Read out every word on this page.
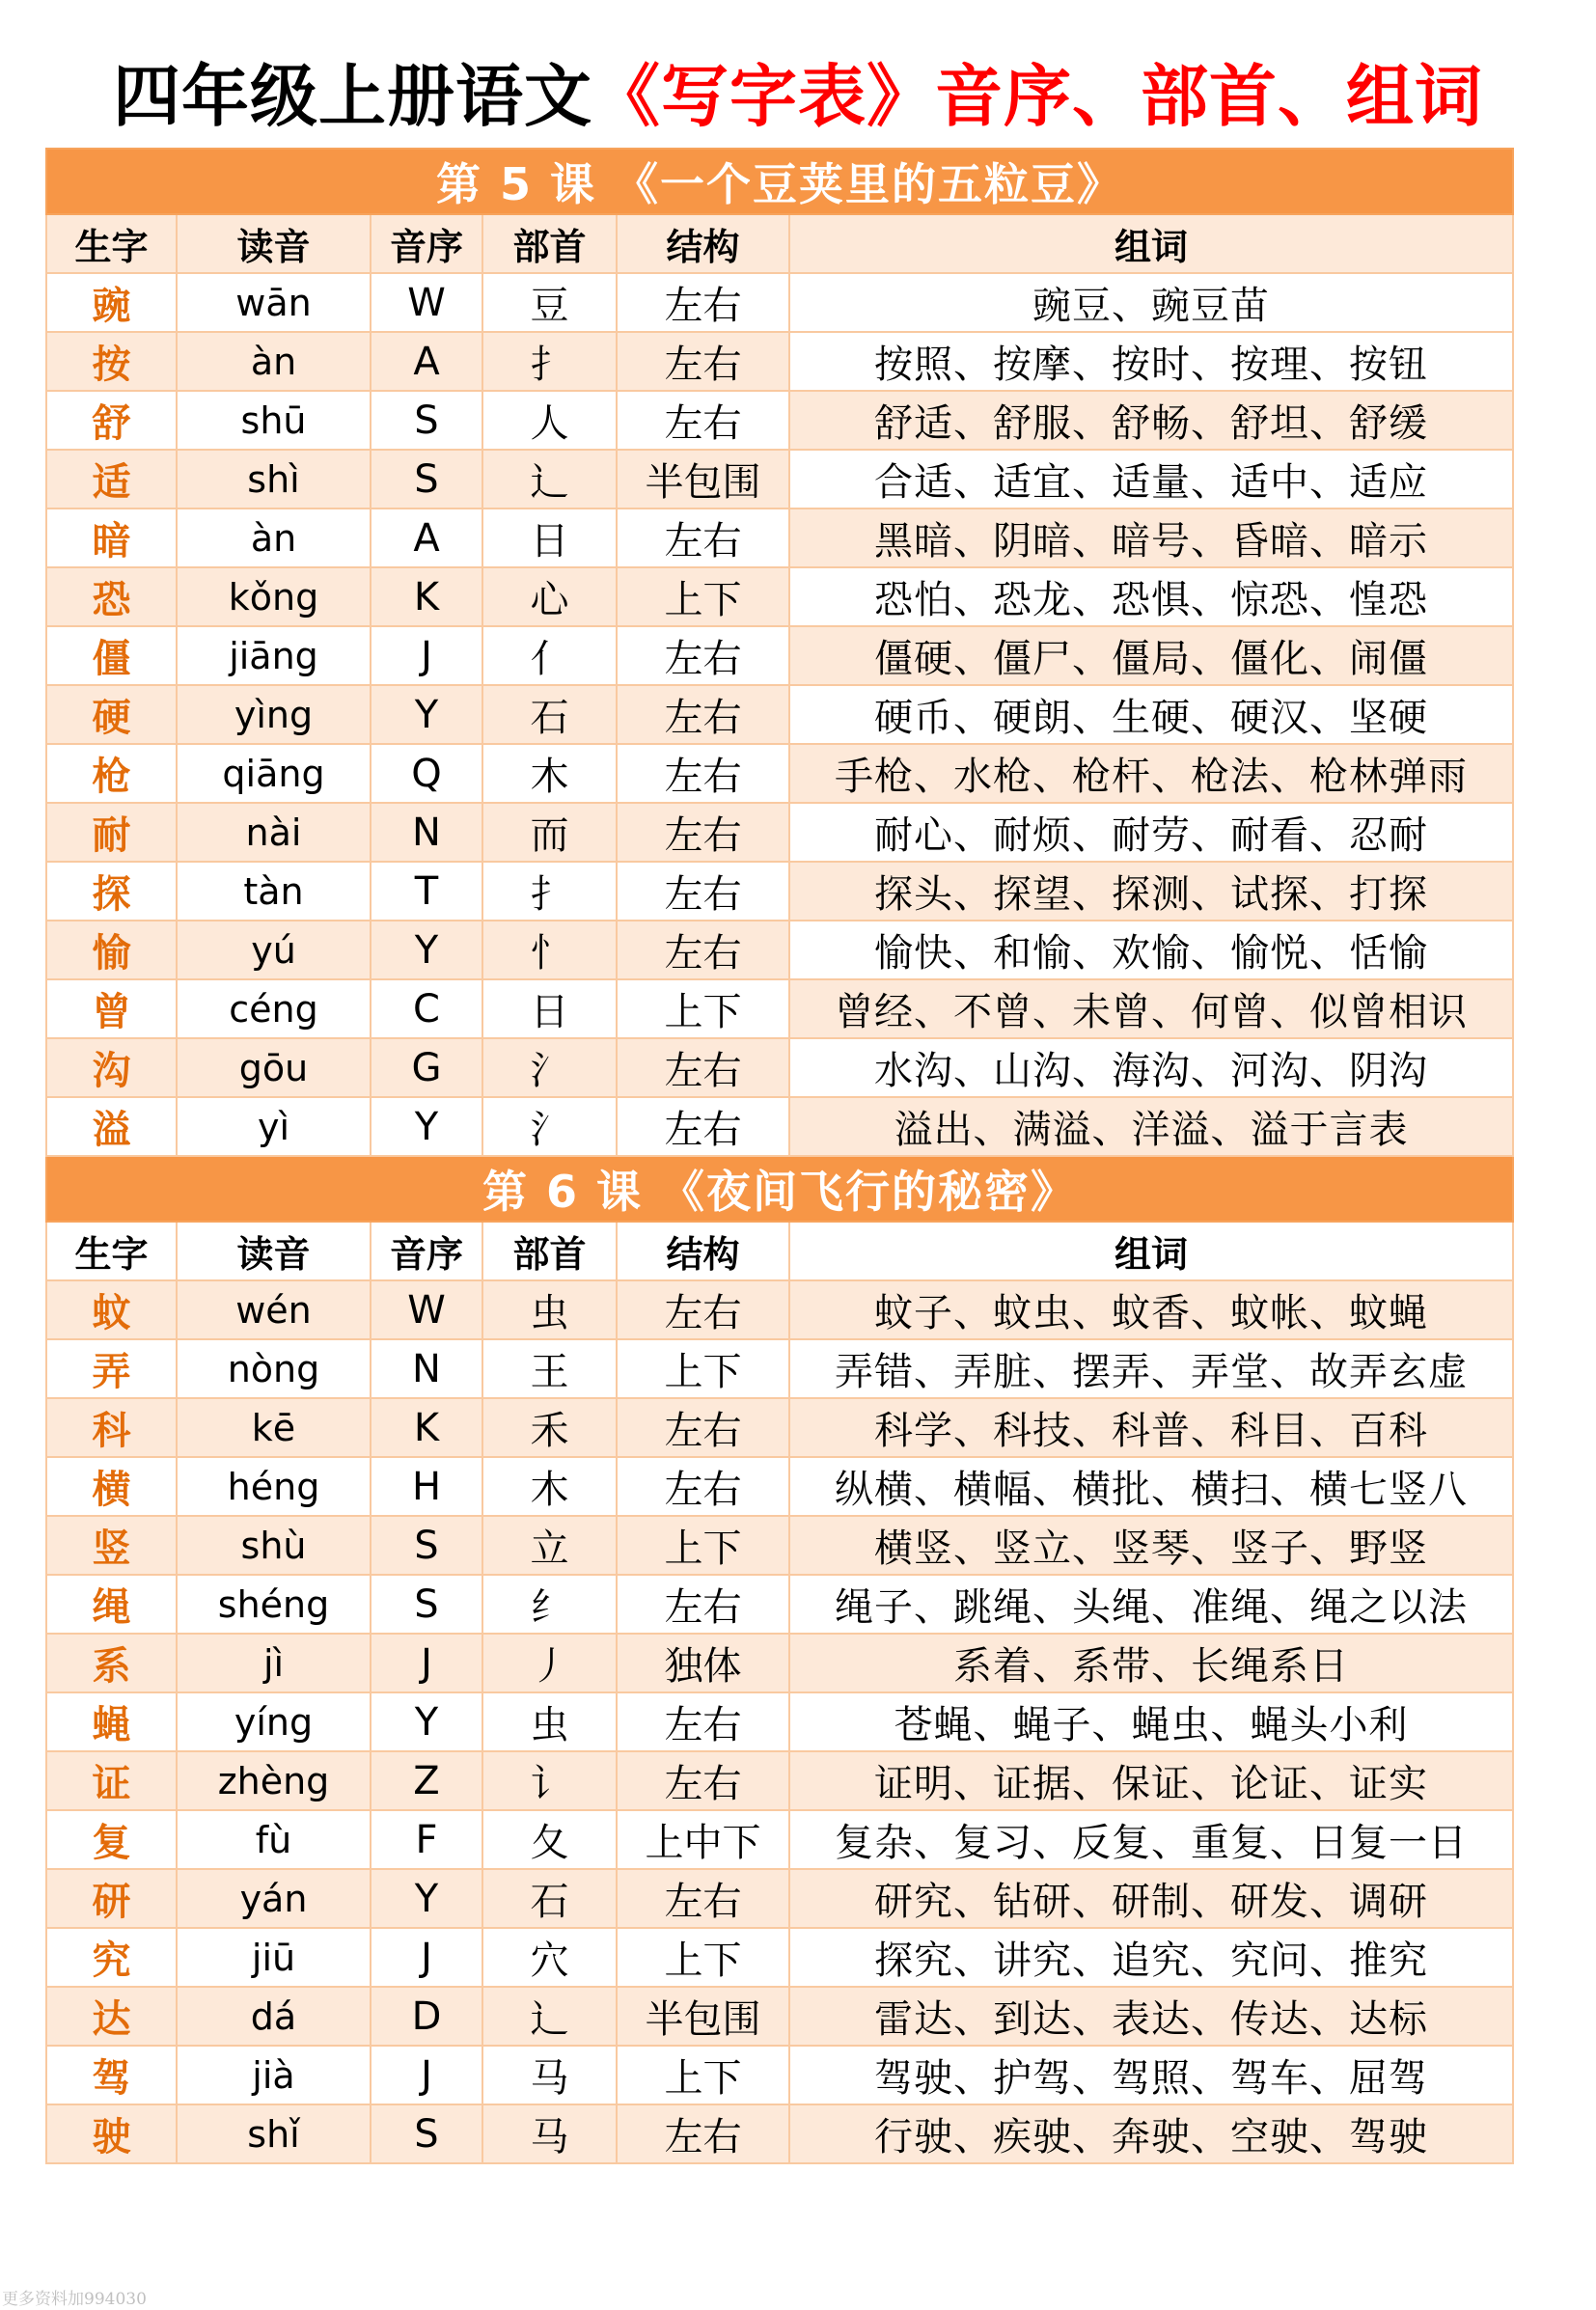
四年级上册语文《写字表》音序、部首、组词
第 5 课 《一个豆荚里的五粒豆》					
生字	读音	音序	部首	结构	组词
豌	wān	W	豆	左右	豌豆、豌豆苗
按	àn	A	扌	左右	按照、按摩、按时、按理、按钮
舒	shū	S	人	左右	舒适、舒服、舒畅、舒坦、舒缓
适	shì	S	辶	半包围	合适、适宜、适量、适中、适应
暗	àn	A	日	左右	黑暗、阴暗、暗号、昏暗、暗示
恐	kǒng	K	心	上下	恐怕、恐龙、恐惧、惊恐、惶恐
僵	jiāng	J	亻	左右	僵硬、僵尸、僵局、僵化、闹僵
硬	yìng	Y	石	左右	硬币、硬朗、生硬、硬汉、坚硬
枪	qiāng	Q	木	左右	手枪、水枪、枪杆、枪法、枪林弹雨
耐	nài	N	而	左右	耐心、耐烦、耐劳、耐看、忍耐
探	tàn	T	扌	左右	探头、探望、探测、试探、打探
愉	yú	Y	忄	左右	愉快、和愉、欢愉、愉悦、恬愉
曾	céng	C	日	上下	曾经、不曾、未曾、何曾、似曾相识
沟	gōu	G	氵	左右	水沟、山沟、海沟、河沟、阴沟
溢	yì	Y	氵	左右	溢出、满溢、洋溢、溢于言表
第 6 课 《夜间飞行的秘密》					
生字	读音	音序	部首	结构	组词
蚊	wén	W	虫	左右	蚊子、蚊虫、蚊香、蚊帐、蚊蝇
弄	nòng	N	王	上下	弄错、弄脏、摆弄、弄堂、故弄玄虚
科	kē	K	禾	左右	科学、科技、科普、科目、百科
横	héng	H	木	左右	纵横、横幅、横批、横扫、横七竖八
竖	shù	S	立	上下	横竖、竖立、竖琴、竖子、野竖
绳	shéng	S	纟	左右	绳子、跳绳、头绳、准绳、绳之以法
系	jì	J	丿	独体	系着、系带、长绳系日
蝇	yíng	Y	虫	左右	苍蝇、蝇子、蝇虫、蝇头小利
证	zhèng	Z	讠	左右	证明、证据、保证、论证、证实
复	fù	F	夂	上中下	复杂、复习、反复、重复、日复一日
研	yán	Y	石	左右	研究、钻研、研制、研发、调研
究	jiū	J	穴	上下	探究、讲究、追究、究问、推究
达	dá	D	辶	半包围	雷达、到达、表达、传达、达标
驾	jià	J	马	上下	驾驶、护驾、驾照、驾车、屈驾
驶	shǐ	S	马	左右	行驶、疾驶、奔驶、空驶、驾驶
更多资料加994030
